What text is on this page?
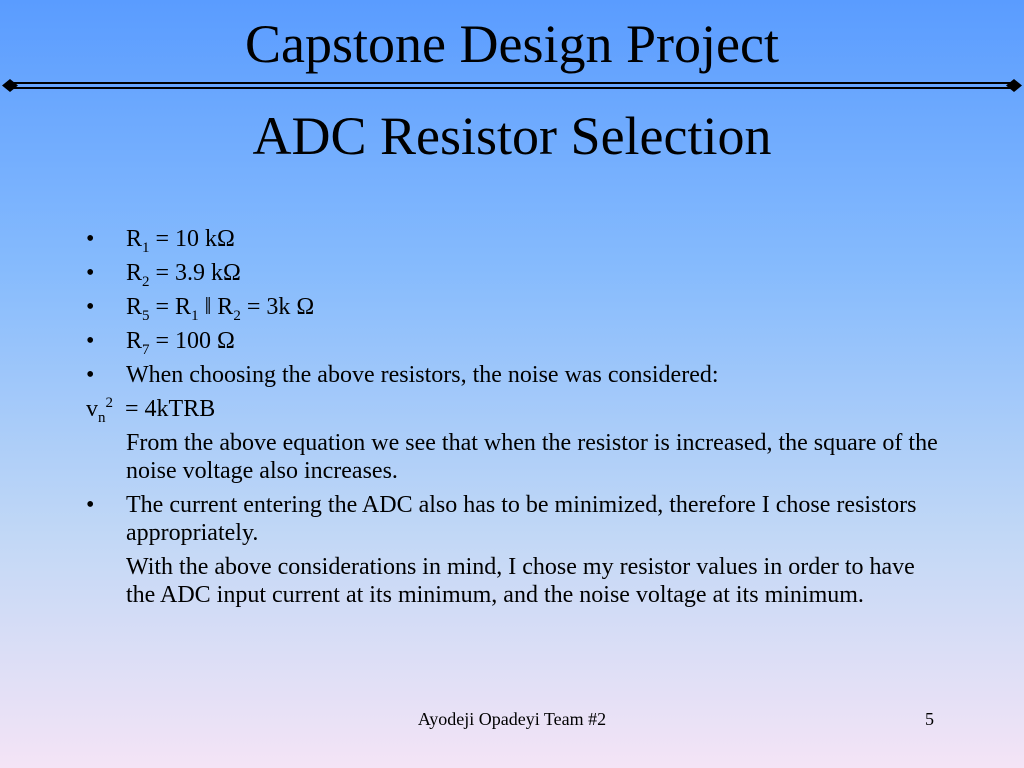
Capstone Design Project
ADC Resistor Selection
• $R_1 = 10$ kΩ
• $R_2 = 3.9$ kΩ
• $R_5 = R_1$ ǁ $R_2 = 3k$ Ω
• $R_7 = 100$ Ω
• When choosing the above resistors, the noise was considered:
$v_n^2$  = 4kTRB
From the above equation we see that when the resistor is increased, the square of the noise voltage also increases.
• The current entering the ADC also has to be minimized, therefore I chose resistors appropriately.
With the above considerations in mind, I chose my resistor values in order to have the ADC input current at its minimum, and the noise voltage at its minimum.
Ayodeji Opadeyi Team #2	5
